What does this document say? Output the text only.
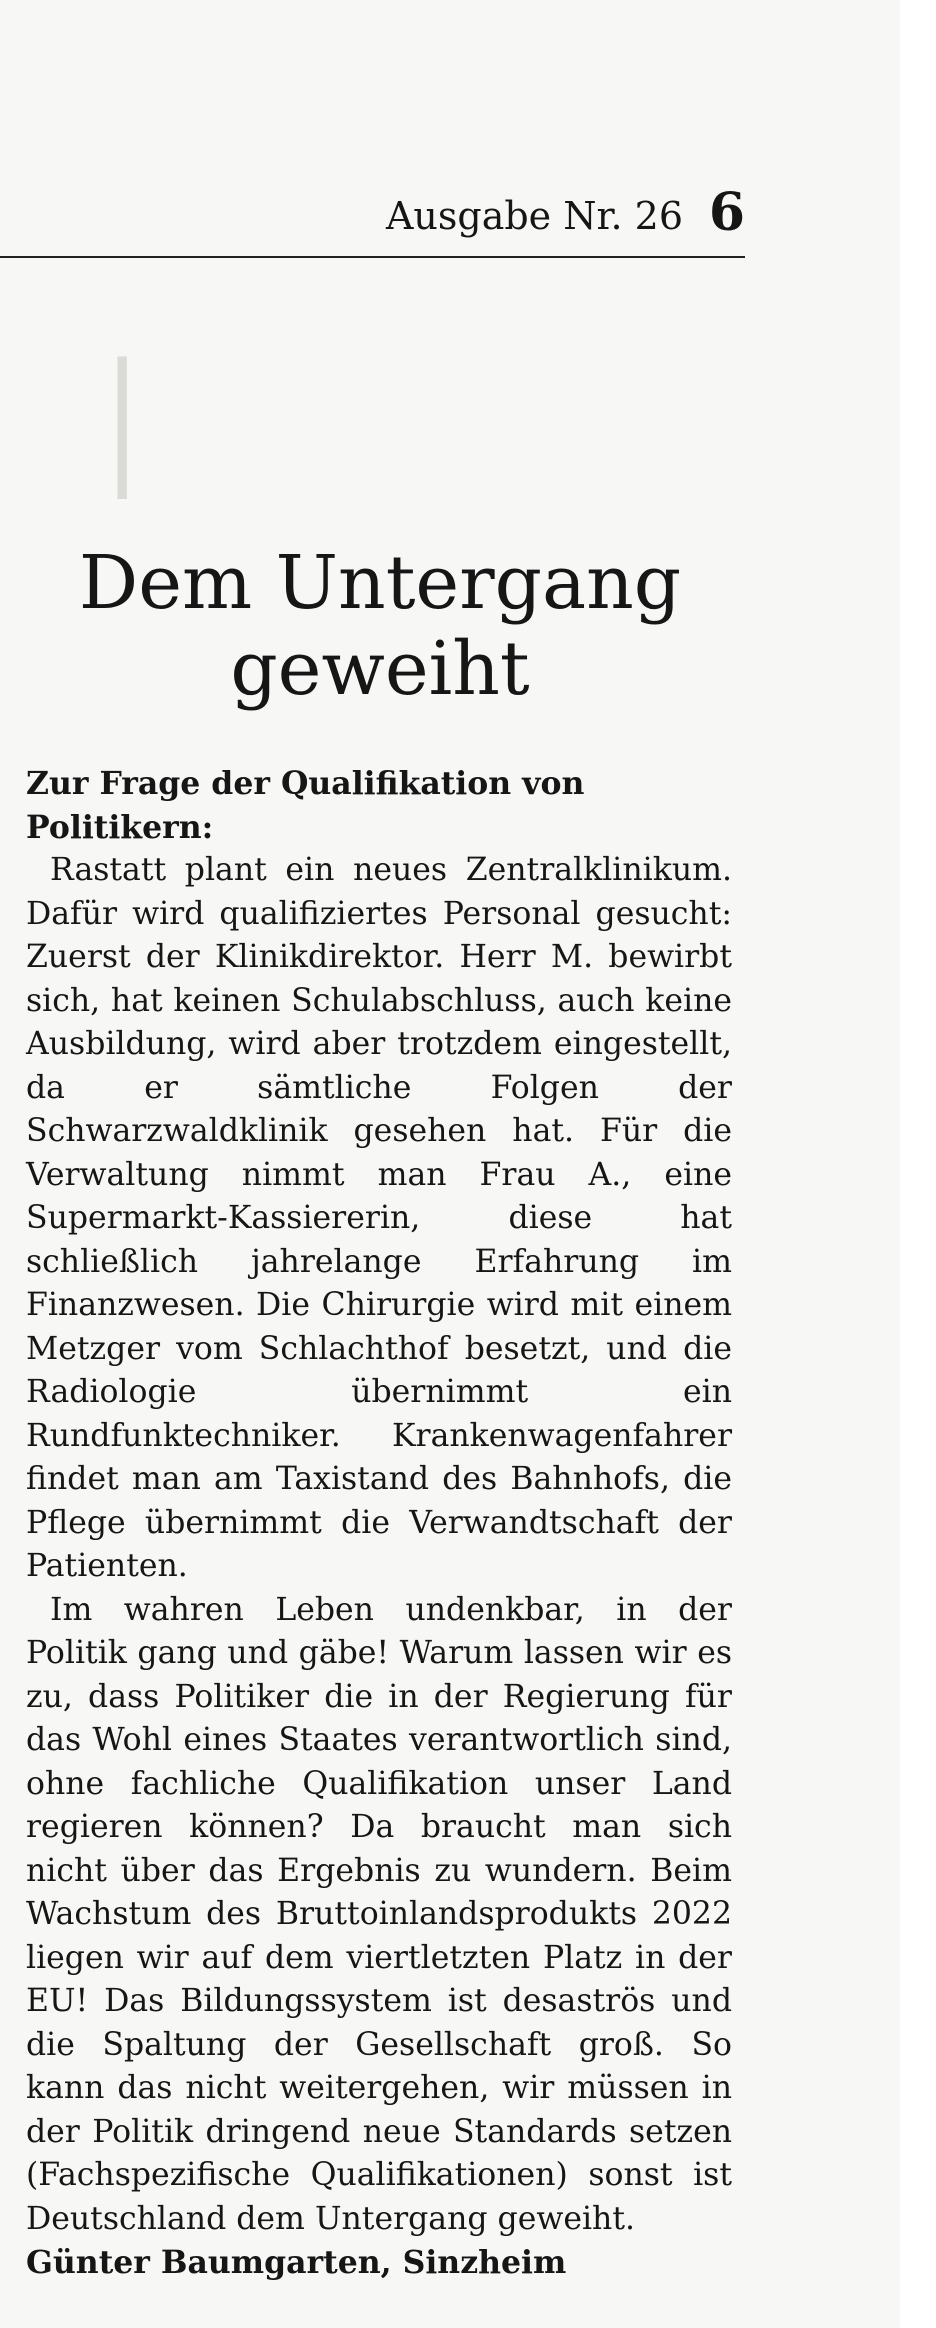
│
Ausgabe Nr. 26 6
Dem Untergang
geweiht

Zur Frage der Qualifikation von Politikern:

Rastatt plant ein neues Zentralklinikum. Dafür wird qualifiziertes Personal gesucht: Zuerst der Klinikdirektor. Herr M. bewirbt sich, hat keinen Schulabschluss, auch keine Ausbildung, wird aber trotzdem eingestellt, da er sämtliche Folgen der Schwarzwaldklinik gesehen hat. Für die Verwaltung nimmt man Frau A., eine Supermarkt-Kassiererin, diese hat schließlich jahrelange Erfahrung im Finanzwesen. Die Chirurgie wird mit einem Metzger vom Schlachthof besetzt, und die Radiologie übernimmt ein Rundfunktechniker. Krankenwagenfahrer findet man am Taxistand des Bahnhofs, die Pflege übernimmt die Verwandtschaft der Patienten.

Im wahren Leben undenkbar, in der Politik gang und gäbe! Warum lassen wir es zu, dass Politiker die in der Regierung für das Wohl eines Staates verantwortlich sind, ohne fachliche Qualifikation unser Land regieren können? Da braucht man sich nicht über das Ergebnis zu wundern. Beim Wachstum des Bruttoinlandsprodukts 2022 liegen wir auf dem viertletzten Platz in der EU! Das Bildungssystem ist desaströs und die Spaltung der Gesellschaft groß. So kann das nicht weitergehen, wir müssen in der Politik dringend neue Standards setzen (Fachspezifische Qualifikationen) sonst ist Deutschland dem Untergang geweiht.

Günter Baumgarten, Sinzheim
